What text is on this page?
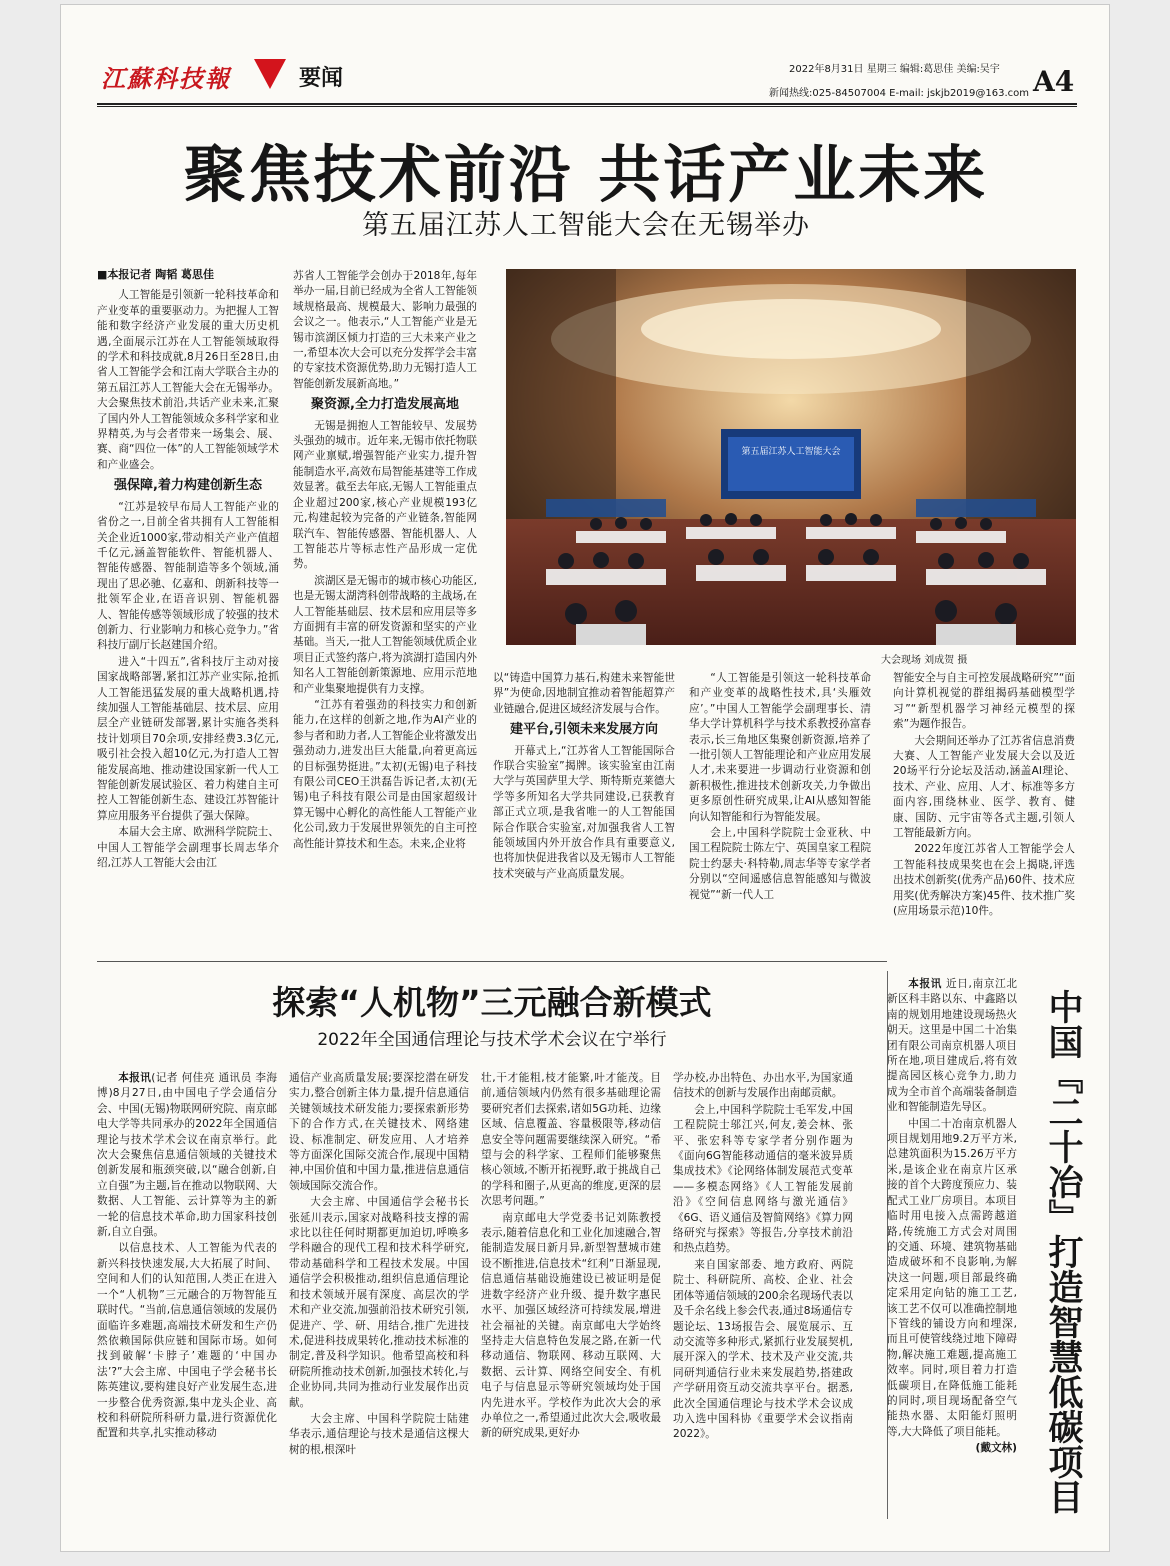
江蘇科技報	要闻	2022年8月31日 星期三 编辑:葛思佳 美编:吴宇
新闻热线:025-84507004 E-mail: jskjb2019@163.com A4
聚焦技术前沿 共话产业未来
第五届江苏人工智能大会在无锡举办
■本报记者 陶韬 葛思佳

人工智能是引领新一轮科技革命和产业变革的重要驱动力。为把握人工智能和数字经济产业发展的重大历史机遇,全面展示江苏在人工智能领域取得的学术和科技成就,8月26日至28日,由省人工智能学会和江南大学联合主办的第五届江苏人工智能大会在无锡举办。大会聚焦技术前沿,共话产业未来,汇聚了国内外人工智能领域众多科学家和业界精英,为与会者带来一场集会、展、赛、商“四位一体”的人工智能领域学术和产业盛会。

强保障,着力构建创新生态

“江苏是较早布局人工智能产业的省份之一,目前全省共拥有人工智能相关企业近1000家,带动相关产业产值超千亿元,涵盖智能软件、智能机器人、智能传感器、智能制造等多个领域,涌现出了思必驰、亿嘉和、朗新科技等一批领军企业,在语音识别、智能机器人、智能传感等领域形成了较强的技术创新力、行业影响力和核心竞争力。”省科技厅副厅长赵建国介绍。

进入“十四五”,省科技厅主动对接国家战略部署,紧扣江苏产业实际,抢抓人工智能迅猛发展的重大战略机遇,持续加强人工智能基础层、技术层、应用层全产业链研发部署,累计实施各类科技计划项目70余项,安排经费3.3亿元,吸引社会投入超10亿元,为打造人工智能发展高地、推动建设国家新一代人工智能创新发展试验区、着力构建自主可控人工智能创新生态、建设江苏智能计算应用服务平台提供了强大保障。

本届大会主席、欧洲科学院院士、中国人工智能学会副理事长周志华介绍,江苏人工智能大会由江

苏省人工智能学会创办于2018年,每年举办一届,目前已经成为全省人工智能领域规格最高、规模最大、影响力最强的会议之一。他表示,“人工智能产业是无锡市滨湖区倾力打造的三大未来产业之一,希望本次大会可以充分发挥学会丰富的专家技术资源优势,助力无锡打造人工智能创新发展新高地。”

聚资源,全力打造发展高地

无锡是拥抱人工智能较早、发展势头强劲的城市。近年来,无锡市依托物联网产业禀赋,增强智能产业实力,提升智能制造水平,高效布局智能基建等工作成效显著。截至去年底,无锡人工智能重点企业超过200家,核心产业规模193亿元,构建起较为完备的产业链条,智能网联汽车、智能传感器、智能机器人、人工智能芯片等标志性产品形成一定优势。

滨湖区是无锡市的城市核心功能区,也是无锡太湖湾科创带战略的主战场,在人工智能基础层、技术层和应用层等多方面拥有丰富的研发资源和坚实的产业基础。当天,一批人工智能领域优质企业项目正式签约落户,将为滨湖打造国内外知名人工智能创新策源地、应用示范地和产业集聚地提供有力支撑。

“江苏有着强劲的科技实力和创新能力,在这样的创新之地,作为AI产业的参与者和助力者,人工智能企业将激发出强劲动力,进发出巨大能量,向着更高远的目标强势挺进。”太初(无锡)电子科技有限公司CEO王洪磊告诉记者,太初(无锡)电子科技有限公司是由国家超级计算无锡中心孵化的高性能人工智能产业化公司,致力于发展世界领先的自主可控高性能计算技术和生态。未来,企业将

第五届江苏人工智能大会
大会现场 刘成贺 摄

以“铸造中国算力基石,构建未来智能世界”为使命,因地制宜推动着智能超算产业链融合,促进区域经济发展与合作。

建平台,引领未来发展方向

开幕式上,“江苏省人工智能国际合作联合实验室”揭牌。该实验室由江南大学与英国萨里大学、斯特斯克莱德大学等多所知名大学共同建设,已获教育部正式立项,是我省唯一的人工智能国际合作联合实验室,对加强我省人工智能领域国内外开放合作具有重要意义,也将加快促进我省以及无锡市人工智能技术突破与产业高质量发展。

“人工智能是引领这一轮科技革命和产业变革的战略性技术,具‘头雁效应’。”中国人工智能学会副理事长、清华大学计算机科学与技术系教授孙富春表示,长三角地区集聚创新资源,培养了一批引领人工智能理论和产业应用发展人才,未来要进一步调动行业资源和创新积极性,推进技术创新攻关,力争做出更多原创性研究成果,让AI从感知智能向认知智能和行为智能发展。

会上,中国科学院院士金亚秋、中国工程院院士陈左宁、英国皇家工程院院士约瑟夫·科特勒,周志华等专家学者分别以“空间遥感信息智能感知与微波视觉”“新一代人工

智能安全与自主可控发展战略研究”“面向计算机视觉的群组揭码基础模型学习”“新型机器学习神经元模型的探索”为题作报告。

大会期间还举办了江苏省信息消费大赛、人工智能产业发展大会以及近20场平行分论坛及活动,涵盖AI理论、技术、产业、应用、人才、标准等多方面内容,围绕林业、医学、教育、健康、国防、元宇宙等各式主题,引领人工智能最新方向。

2022年度江苏省人工智能学会人工智能科技成果奖也在会上揭晓,评选出技术创新奖(优秀产品)60件、技术应用奖(优秀解决方案)45件、技术推广奖(应用场景示范)10件。

探索“人机物”三元融合新模式
2022年全国通信理论与技术学术会议在宁举行

本报讯(记者 何佳亮 通讯员 李海博)8月27日,由中国电子学会通信分会、中国(无锡)物联网研究院、南京邮电大学等共同承办的2022年全国通信理论与技术学术会议在南京举行。此次大会聚焦信息通信领域的关键技术创新发展和瓶颈突破,以“融合创新,自立自强”为主题,旨在推动以物联网、大数据、人工智能、云计算等为主的新一轮的信息技术革命,助力国家科技创新,自立自强。

以信息技术、人工智能为代表的新兴科技快速发展,大大拓展了时间、空间和人们的认知范围,人类正在进入一个“人机物”三元融合的万物智能互联时代。“当前,信息通信领域的发展仍面临许多难题,高端技术研发和生产仍然依赖国际供应链和国际市场。如何找到破解‘卡脖子’难题的‘中国办法’?”大会主席、中国电子学会秘书长陈英建议,要构建良好产业发展生态,进一步整合优秀资源,集中龙头企业、高校和科研院所科研力量,进行资源优化配置和共享,扎实推动移动

通信产业高质量发展;要深挖潜在研发实力,整合创新主体力量,提升信息通信关键领域技术研发能力;要探索新形势下的合作方式,在关键技术、网络建设、标准制定、研发应用、人才培养等方面深化国际交流合作,展现中国精神,中国价值和中国力量,推进信息通信领域国际交流合作。

大会主席、中国通信学会秘书长张延川表示,国家对战略科技支撑的需求比以往任何时期都更加迫切,呼唤多学科融合的现代工程和技术科学研究,带动基础科学和工程技术发展。中国通信学会积极推动,组织信息通信理论和技术领域开展有深度、高层次的学术和产业交流,加强前沿技术研究引领,促进产、学、研、用结合,推广先进技术,促进科技成果转化,推动技术标准的制定,普及科学知识。他希望高校和科研院所推动技术创新,加强技术转化,与企业协同,共同为推动行业发展作出贡献。

大会主席、中国科学院院士陆建华表示,通信理论与技术是通信这棵大树的根,根深叶

壮,干才能粗,枝才能繁,叶才能茂。目前,通信领域内仍然有很多基础理论需要研究者们去探索,诸如5G功耗、边缘区域、信息覆盖、容量极限等,移动信息安全等问题需要继续深入研究。“希望与会的科学家、工程师们能够聚焦核心领域,不断开拓视野,敢于挑战自己的学科和圈子,从更高的维度,更深的层次思考问题。”

南京邮电大学党委书记刘陈教授表示,随着信息化和工业化加速融合,智能制造发展日新月异,新型智慧城市建设不断推进,信息技术“红利”日渐显现,信息通信基础设施建设已被证明是促进数字经济产业升级、提升数字惠民水平、加强区域经济可持续发展,增进社会福祉的关键。南京邮电大学始终坚持走大信息特色发展之路,在新一代移动通信、物联网、移动互联网、大数据、云计算、网络空间安全、有机电子与信息显示等研究领域均处于国内先进水平。学校作为此次大会的承办单位之一,希望通过此次大会,吸收最新的研究成果,更好办

学办校,办出特色、办出水平,为国家通信技术的创新与发展作出南邮贡献。

会上,中国科学院院士毛军发,中国工程院院士邬江兴,何友,姜会林、张平、张宏科等专家学者分别作题为《面向6G智能移动通信的毫米波异质集成技术》《论网络体制发展范式变革——多模态网络》《人工智能发展前沿》《空间信息网络与激光通信》《6G、语义通信及智简网络》《算力网络研究与探索》等报告,分享技术前沿和热点趋势。

来自国家部委、地方政府、两院院士、科研院所、高校、企业、社会团体等通信领域的200余名现场代表以及千余名线上参会代表,通过8场通信专题论坛、13场报告会、展览展示、互动交流等多种形式,紧抓行业发展契机,展开深入的学术、技术及产业交流,共同研判通信行业未来发展趋势,搭建政产学研用资互动交流共享平台。据悉,此次全国通信理论与技术学术会议成功入选中国科协《重要学术会议指南2022》。	中国『二十冶』打造智慧低碳项目

本报讯 近日,南京江北新区科丰路以东、中鑫路以南的规划用地建设现场热火朝天。这里是中国二十冶集团有限公司南京机器人项目所在地,项目建成后,将有效提高园区核心竞争力,助力成为全市首个高端装备制造业和智能制造先导区。

中国二十冶南京机器人项目规划用地9.2万平方米,总建筑面积为15.26万平方米,是该企业在南京片区承接的首个大跨度预应力、装配式工业厂房项目。本项目临时用电接入点需跨越道路,传统施工方式会对周围的交通、环境、建筑物基础造成破坏和不良影响,为解决这一问题,项目部最终确定采用定向钻的施工工艺,该工艺不仅可以准确控制地下管线的铺设方向和埋深,而且可使管线绕过地下障碍物,解决施工难题,提高施工效率。同时,项目着力打造低碳项目,在降低施工能耗的同时,项目现场配备空气能热水器、太阳能灯照明等,大大降低了项目能耗。

(戴文林)
